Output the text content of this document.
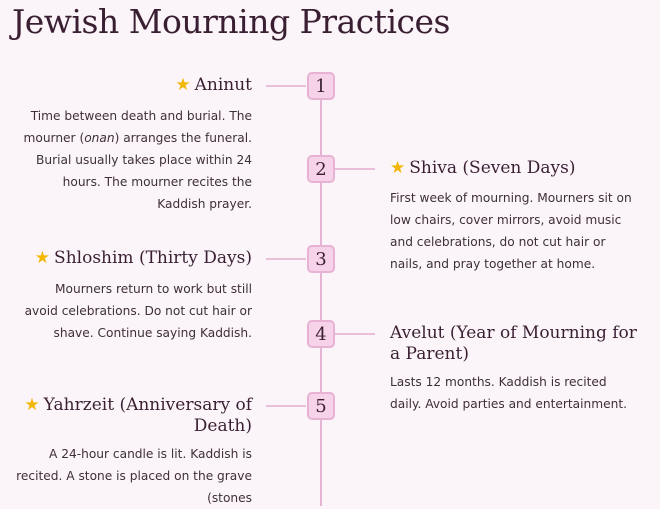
Jewish Mourning Practices
1
★ Aninut
Time between death and burial. The mourner (onan) arranges the funeral. Burial usually takes place within 24 hours. The mourner recites the Kaddish prayer.
2	★ Shiva (Seven Days)
First week of mourning. Mourners sit on low chairs, cover mirrors, avoid music and celebrations, do not cut hair or nails, and pray together at home.
3
★ Shloshim (Thirty Days)
Mourners return to work but still avoid celebrations. Do not cut hair or shave. Continue saying Kaddish.	4	Avelut (Year of Mourning for a Parent)
Lasts 12 months. Kaddish is recited daily. Avoid parties and entertainment.
5
★ Yahrzeit (Anniversary of Death)
A 24-hour candle is lit. Kaddish is recited. A stone is placed on the grave (stones
